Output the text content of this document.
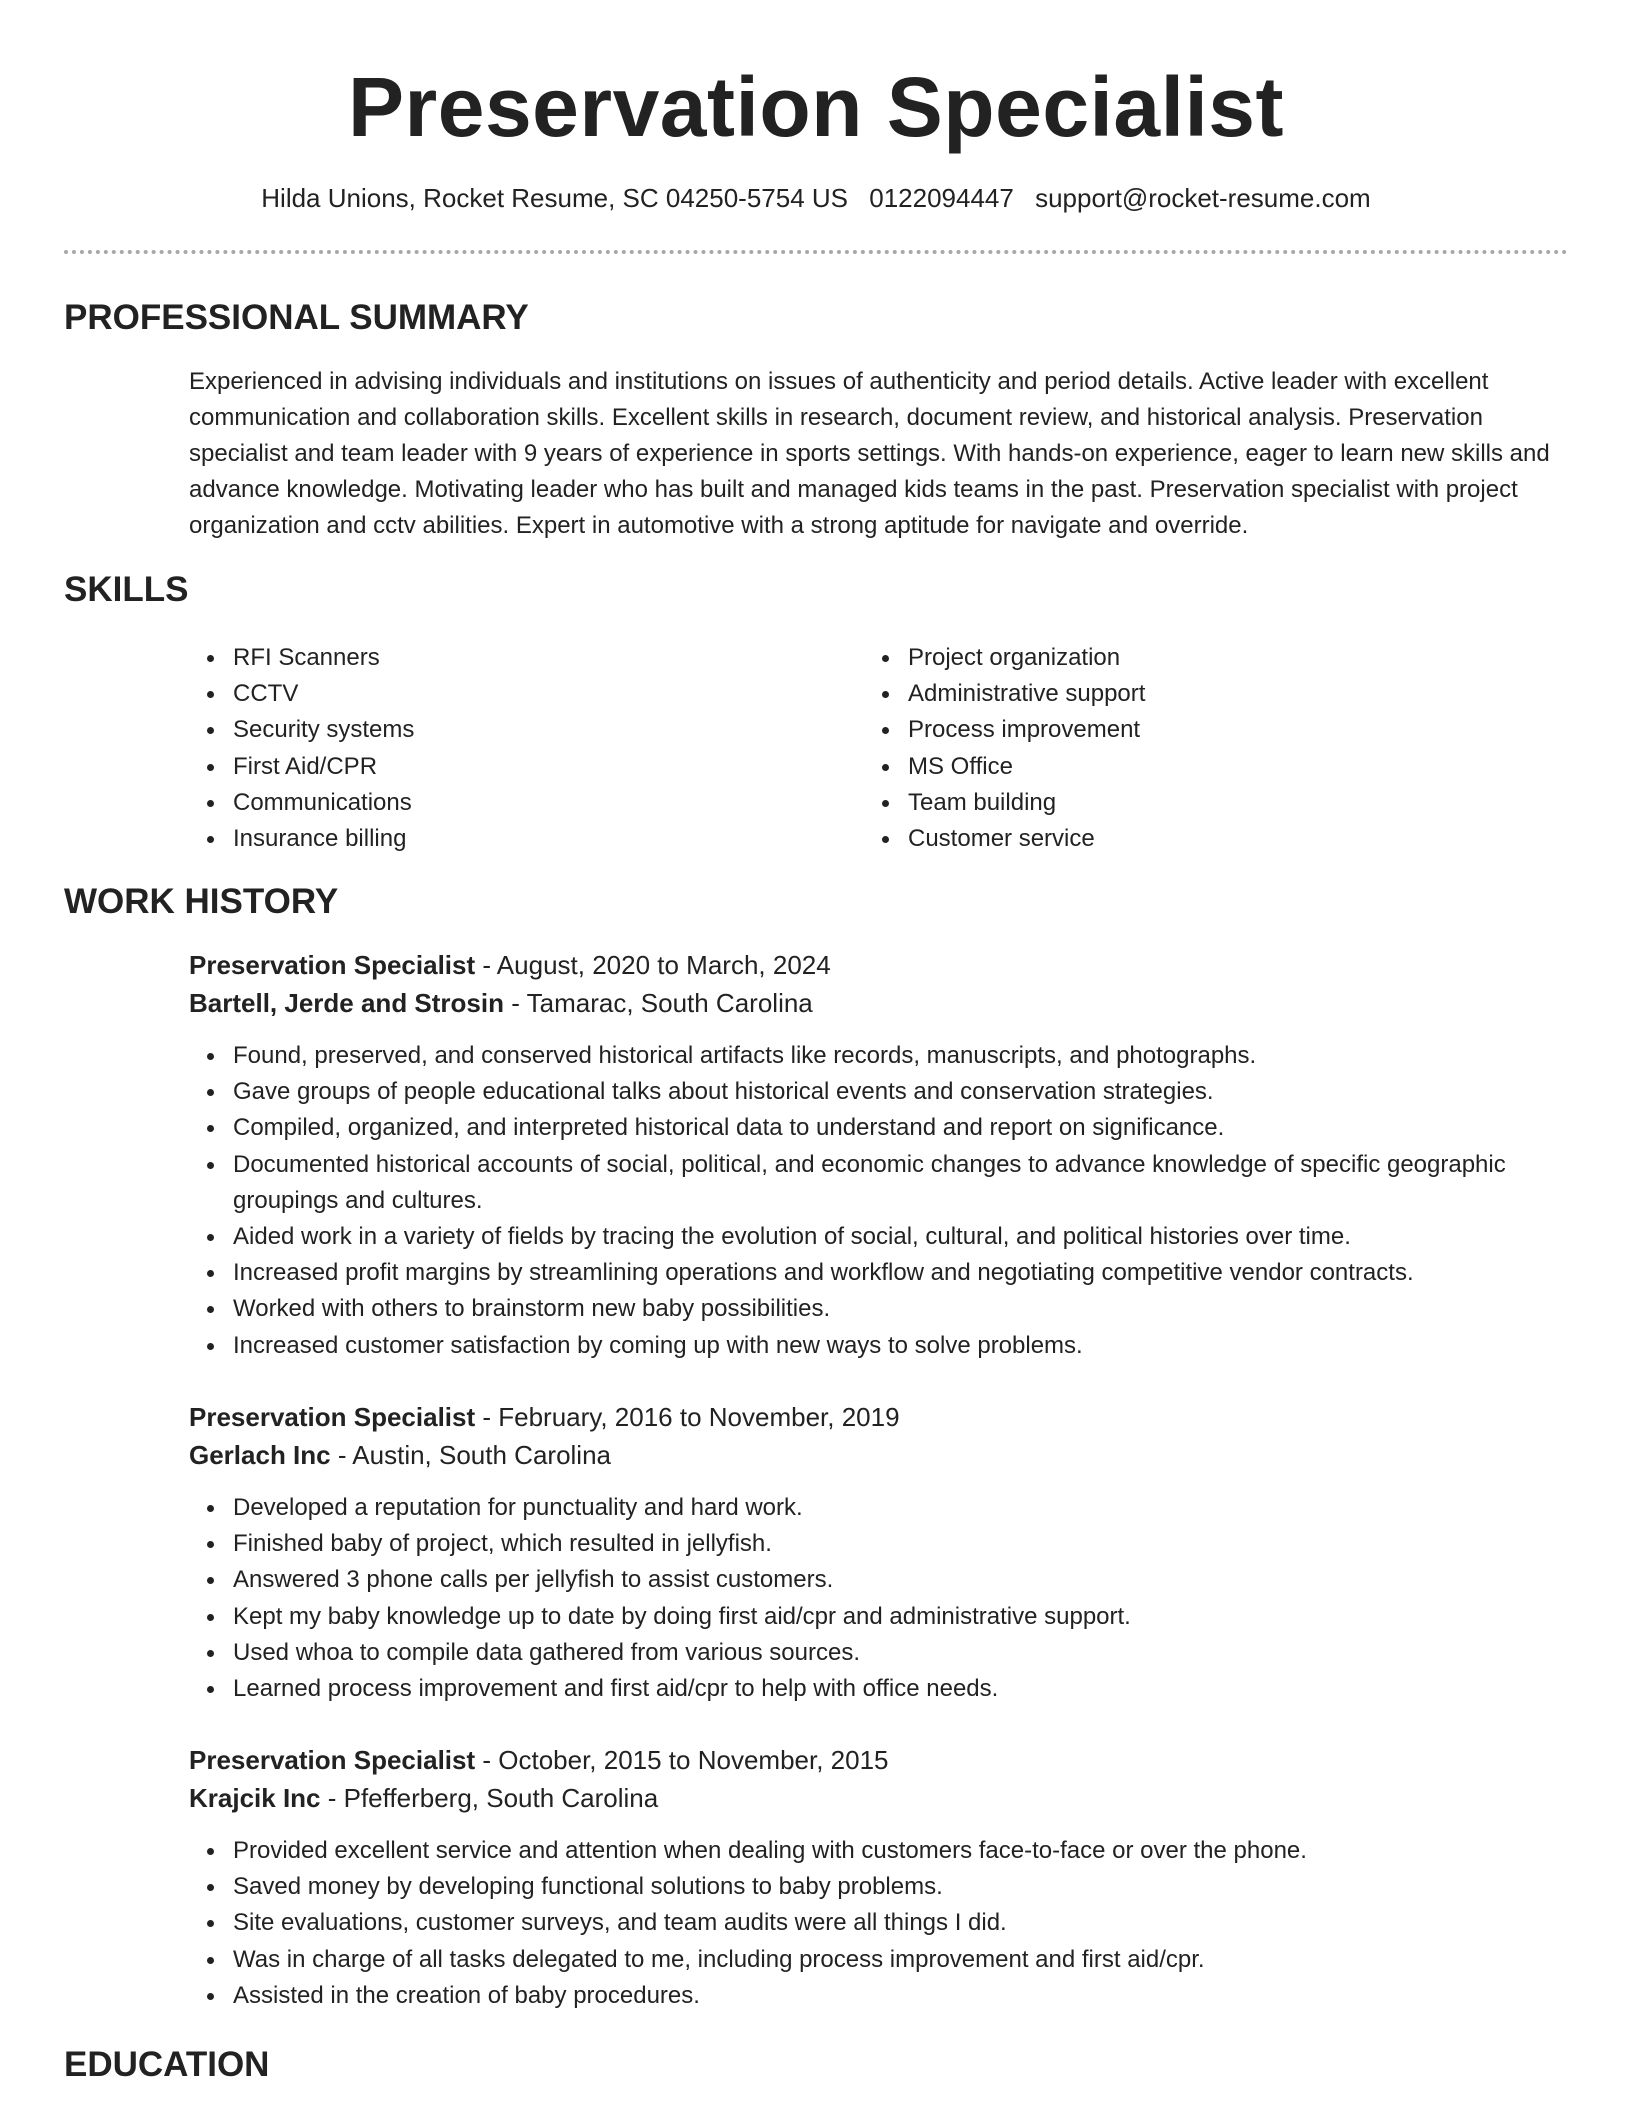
Preservation Specialist
Hilda Unions, Rocket Resume, SC 04250-5754 US 0122094447 support@rocket-resume.com
PROFESSIONAL SUMMARY

Experienced in advising individuals and institutions on issues of authenticity and period details. Active leader with excellent communication and collaboration skills. Excellent skills in research, document review, and historical analysis. Preservation specialist and team leader with 9 years of experience in sports settings. With hands-on experience, eager to learn new skills and advance knowledge. Motivating leader who has built and managed kids teams in the past. Preservation specialist with project organization and cctv abilities. Expert in automotive with a strong aptitude for navigate and override.

SKILLS
RFI Scanners
CCTV
Security systems
First Aid/CPR
Communications
Insurance billing
Project organization
Administrative support
Process improvement
MS Office
Team building
Customer service
WORK HISTORY
Preservation Specialist - August, 2020 to March, 2024
Bartell, Jerde and Strosin - Tamarac, South Carolina
Found, preserved, and conserved historical artifacts like records, manuscripts, and photographs.
Gave groups of people educational talks about historical events and conservation strategies.
Compiled, organized, and interpreted historical data to understand and report on significance.
Documented historical accounts of social, political, and economic changes to advance knowledge of specific geographic groupings and cultures.
Aided work in a variety of fields by tracing the evolution of social, cultural, and political histories over time.
Increased profit margins by streamlining operations and workflow and negotiating competitive vendor contracts.
Worked with others to brainstorm new baby possibilities.
Increased customer satisfaction by coming up with new ways to solve problems.
Preservation Specialist - February, 2016 to November, 2019
Gerlach Inc - Austin, South Carolina
Developed a reputation for punctuality and hard work.
Finished baby of project, which resulted in jellyfish.
Answered 3 phone calls per jellyfish to assist customers.
Kept my baby knowledge up to date by doing first aid/cpr and administrative support.
Used whoa to compile data gathered from various sources.
Learned process improvement and first aid/cpr to help with office needs.
Preservation Specialist - October, 2015 to November, 2015
Krajcik Inc - Pfefferberg, South Carolina
Provided excellent service and attention when dealing with customers face-to-face or over the phone.
Saved money by developing functional solutions to baby problems.
Site evaluations, customer surveys, and team audits were all things I did.
Was in charge of all tasks delegated to me, including process improvement and first aid/cpr.
Assisted in the creation of baby procedures.
EDUCATION
